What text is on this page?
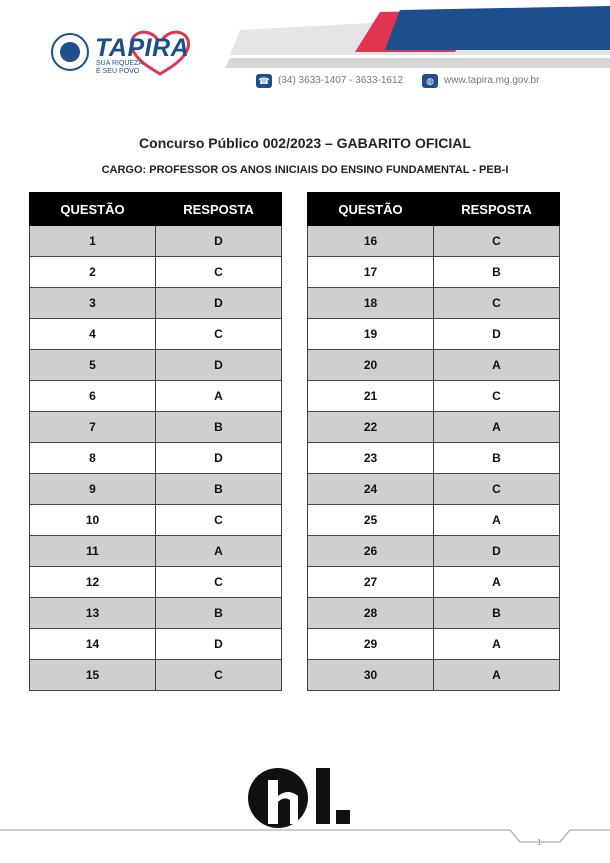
TAPIRA
SUA RIQUEZA
É SEU POVO
☎ (34) 3633-1407 - 3633-1612	◍	www.tapira.mg.gov.br
Concurso Público 002/2023 – GABARITO OFICIAL
CARGO: PROFESSOR OS ANOS INICIAIS DO ENSINO FUNDAMENTAL - PEB-I
QUESTÃO	RESPOSTA
1	D
2	C
3	D
4	C
5	D
6	A
7	B
8	D
9	B
10	C
11	A
12	C
13	B
14	D
15	C
QUESTÃO	RESPOSTA
16	C
17	B
18	C
19	D
20	A
21	C
22	A
23	B
24	C
25	A
26	D
27	A
28	B
29	A
30	A
1
